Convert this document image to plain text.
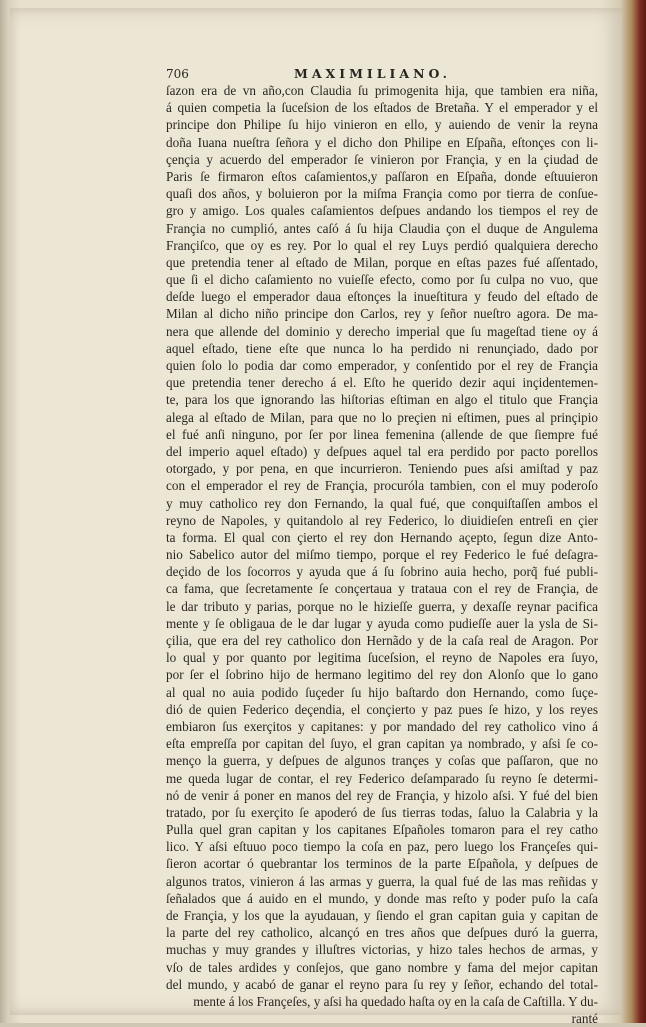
706	MAXIMILIANO.
ſazon era de vn año,con Claudia ſu primogenita hija, que tambien era niña,
á quien competia la ſuceſsion de los eſtados de Bretaña. Y el emperador y el
principe don Philipe ſu hijo vinieron en ello, y auiendo de venir la reyna
doña Iuana nueſtra ſeñora y el dicho don Philipe en Eſpaña, eſtonçes con li-
çençia y acuerdo del emperador ſe vinieron por Françia, y en la çiudad de
Paris ſe firmaron eſtos caſamientos,y paſſaron en Eſpaña, donde eſtuuieron
quaſi dos años, y boluieron por la miſma Françia como por tierra de conſue-
gro y amigo. Los quales caſamientos deſpues andando los tiempos el rey de
Françia no cumplió, antes caſó á ſu hija Claudia çon el duque de Angulema
Françiſco, que oy es rey. Por lo qual el rey Luys perdió qualquiera derecho
que pretendia tener al eſtado de Milan, porque en eſtas pazes fué aſſentado,
que ſi el dicho caſamiento no vuieſſe efecto, como por ſu culpa no vuo, que
deſde luego el emperador daua eſtonçes la inueſtitura y feudo del eſtado de
Milan al dicho niño principe don Carlos, rey y ſeñor nueſtro agora. De ma-
nera que allende del dominio y derecho imperial que ſu mageſtad tiene oy á
aquel eſtado, tiene eſte que nunca lo ha perdido ni renunçiado, dado por
quien ſolo lo podia dar como emperador, y conſentido por el rey de Françia
que pretendia tener derecho á el. Eſto he querido dezir aqui inçidentemen-
te, para los que ignorando las hiſtorias eſtiman en algo el titulo que Françia
alega al eſtado de Milan, para que no lo preçien ni eſtimen, pues al prinçipio
el fué anſi ninguno, por ſer por linea femenina (allende de que ſiempre fué
del imperio aquel eſtado) y deſpues aquel tal era perdido por pacto porellos
otorgado, y por pena, en que incurrieron. Teniendo pues aſsi amiſtad y paz
con el emperador el rey de Françia, procuróla tambien, con el muy poderoſo
y muy catholico rey don Fernando, la qual fué, que conquiſtaſſen ambos el
reyno de Napoles, y quitandolo al rey Federico, lo diuidieſen entreſi en çier
ta forma. El qual con çierto el rey don Hernando açepto, ſegun dize Anto-
nio Sabelico autor del miſmo tiempo, porque el rey Federico le fué deſagra-
deçido de los ſocorros y ayuda que á ſu ſobrino auia hecho, porq̃ fué publi-
ca fama, que ſecretamente ſe conçertaua y trataua con el rey de Françia, de
le dar tributo y parias, porque no le hizieſſe guerra, y dexaſſe reynar pacifica
mente y ſe obligaua de le dar lugar y ayuda como pudieſſe auer la ysla de Si-
çilia, que era del rey catholico don Hernãdo y de la caſa real de Aragon. Por
lo qual y por quanto por legitima ſuceſsion, el reyno de Napoles era ſuyo,
por ſer el ſobrino hijo de hermano legitimo del rey don Alonſo que lo gano
al qual no auia podido ſuçeder ſu hijo baſtardo don Hernando, como ſuçe-
dió de quien Federico deçendia, el conçierto y paz pues ſe hizo, y los reyes
embiaron ſus exerçitos y capitanes: y por mandado del rey catholico vino á
eſta empreſſa por capitan del ſuyo, el gran capitan ya nombrado, y aſsi ſe co-
menço la guerra, y deſpues de algunos trançes y coſas que paſſaron, que no
me queda lugar de contar, el rey Federico deſamparado ſu reyno ſe determi-
nó de venir á poner en manos del rey de Françia, y hizolo aſsi. Y fué del bien
tratado, por ſu exerçito ſe apoderó de ſus tierras todas, ſaluo la Calabria y la
Pulla quel gran capitan y los capitanes Eſpañoles tomaron para el rey catho
lico. Y aſsi eſtuuo poco tiempo la coſa en paz, pero luego los Françeſes qui-
ſieron acortar ó quebrantar los terminos de la parte Eſpañola, y deſpues de
algunos tratos, vinieron á las armas y guerra, la qual fué de las mas reñidas y
ſeñalados que á auido en el mundo, y donde mas reſto y poder puſo la caſa
de Françia, y los que la ayudauan, y ſiendo el gran capitan guia y capitan de
la parte del rey catholico, alcançó en tres años que deſpues duró la guerra,
muchas y muy grandes y illuſtres victorias, y hizo tales hechos de armas, y
vſo de tales ardides y conſejos, que gano nombre y fama del mejor capitan
del mundo, y acabó de ganar el reyno para ſu rey y ſeñor, echando del total-
mente á los Françeſes, y aſsi ha quedado haſta oy en la caſa de Caſtilla. Y du-
ranté
